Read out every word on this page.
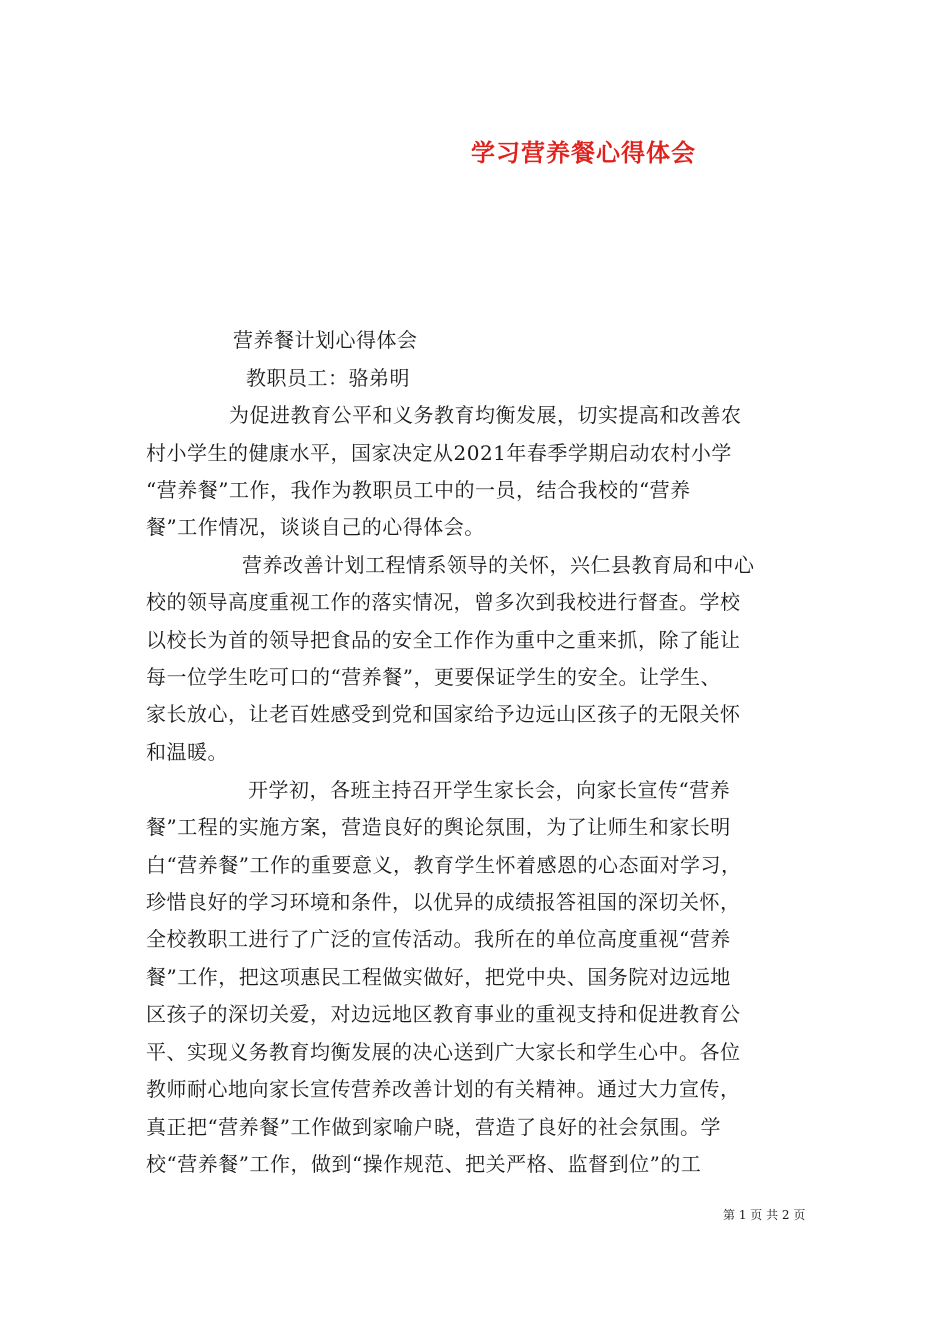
学习营养餐心得体会
营养餐计划心得体会
教职员工：骆弟明
为促进教育公平和义务教育均衡发展，切实提高和改善农
村小学生的健康水平，国家决定从2021年春季学期启动农村小学
“营养餐”工作，我作为教职员工中的一员，结合我校的“营养
餐”工作情况，谈谈自己的心得体会。
营养改善计划工程情系领导的关怀，兴仁县教育局和中心
校的领导高度重视工作的落实情况，曾多次到我校进行督查。学校
以校长为首的领导把食品的安全工作作为重中之重来抓，除了能让
每一位学生吃可口的“营养餐”，更要保证学生的安全。让学生、
家长放心，让老百姓感受到党和国家给予边远山区孩子的无限关怀
和温暖。
开学初，各班主持召开学生家长会，向家长宣传“营养
餐”工程的实施方案，营造良好的舆论氛围，为了让师生和家长明
白“营养餐”工作的重要意义，教育学生怀着感恩的心态面对学习，
珍惜良好的学习环境和条件，以优异的成绩报答祖国的深切关怀，
全校教职工进行了广泛的宣传活动。我所在的单位高度重视“营养
餐”工作，把这项惠民工程做实做好，把党中央、国务院对边远地
区孩子的深切关爱，对边远地区教育事业的重视支持和促进教育公
平、实现义务教育均衡发展的决心送到广大家长和学生心中。各位
教师耐心地向家长宣传营养改善计划的有关精神。通过大力宣传，
真正把“营养餐”工作做到家喻户晓，营造了良好的社会氛围。学
校“营养餐”工作，做到“操作规范、把关严格、监督到位”的工
第 1 页 共 2 页
